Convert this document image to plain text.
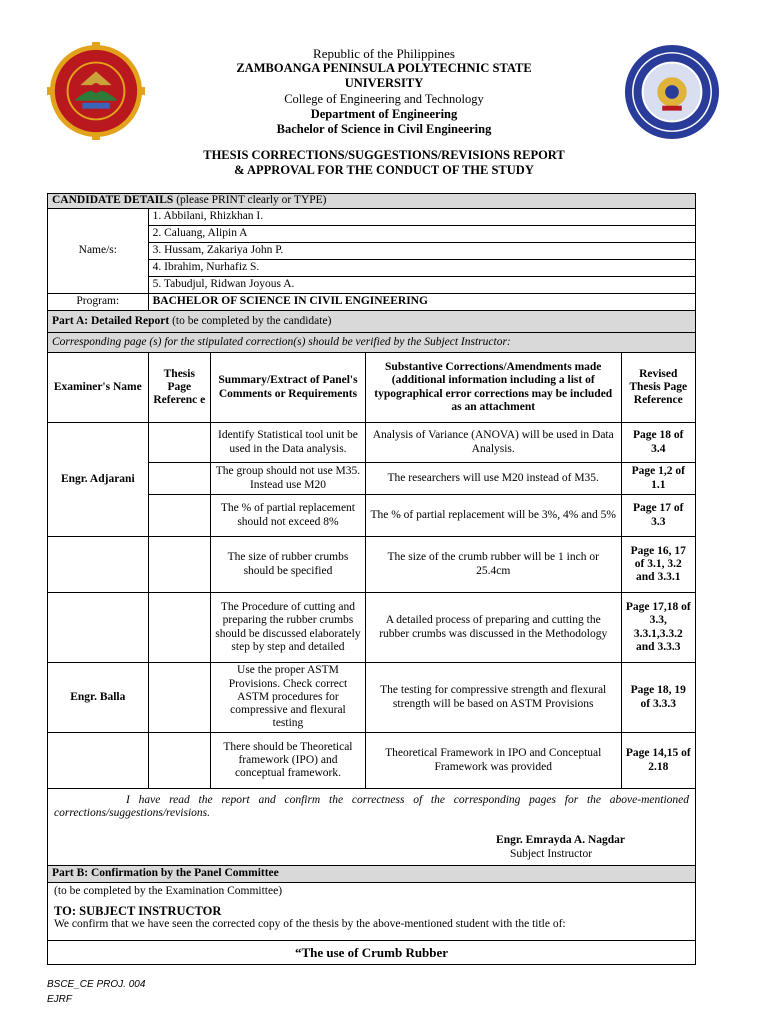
Republic of the Philippines
ZAMBOANGA PENINSULA POLYTECHNIC STATE
UNIVERSITY
College of Engineering and Technology
Department of Engineering
Bachelor of Science in Civil Engineering
THESIS CORRECTIONS/SUGGESTIONS/REVISIONS REPORT
& APPROVAL FOR THE CONDUCT OF THE STUDY
CANDIDATE DETAILS (please PRINT clearly or TYPE)				
Name/s:	1. Abbilani, Rhizkhan I.			
	2. Caluang, Alipin A			
	3. Hussam, Zakariya John P.			
	4. Ibrahim, Nurhafiz S.			
	5. Tabudjul, Ridwan Joyous A.			
Program:	BACHELOR OF SCIENCE IN CIVIL ENGINEERING			
Part A: Detailed Report (to be completed by the candidate)				
Corresponding page (s) for the stipulated correction(s) should be verified by the Subject Instructor:				
Examiner's Name	Thesis Page Referenc e	Summary/Extract of Panel's Comments or Requirements	Substantive Corrections/Amendments made (additional information including a list of typographical error corrections may be included as an attachment	Revised Thesis Page Reference
Engr. Adjarani		Identify Statistical tool unit be used in the Data analysis.	Analysis of Variance (ANOVA) will be used in Data Analysis.	Page 18 of 3.4
		The group should not use M35. Instead use M20	The researchers will use M20 instead of M35.	Page 1,2 of 1.1
		The % of partial replacement should not exceed 8%	The % of partial replacement will be 3%, 4% and 5%	Page 17 of 3.3
		The size of rubber crumbs should be specified	The size of the crumb rubber will be 1 inch or 25.4cm	Page 16, 17 of 3.1, 3.2 and 3.3.1
		The Procedure of cutting and preparing the rubber crumbs should be discussed elaborately step by step and detailed	A detailed process of preparing and cutting the rubber crumbs was discussed in the Methodology	Page 17,18 of 3.3, 3.3.1,3.3.2 and 3.3.3
Engr. Balla		Use the proper ASTM Provisions. Check correct ASTM procedures for compressive and flexural testing	The testing for compressive strength and flexural strength will be based on ASTM Provisions	Page 18, 19 of 3.3.3
		There should be Theoretical framework (IPO) and conceptual framework.	Theoretical Framework in IPO and Conceptual Framework was provided	Page 14,15 of 2.18

I have read the report and confirm the correctness of the corresponding pages for the above-mentioned corrections/suggestions/revisions.
Engr. Emrayda A. Nagdar
Subject Instructor				

Part B: Confirmation by the Panel Committee				

(to be completed by the Examination Committee)
TO: SUBJECT INSTRUCTOR
We confirm that we have seen the corrected copy of the thesis by the above-mentioned student with the title of:				

“The use of Crumb Rubber				
BSCE_CE PROJ. 004
EJRF
